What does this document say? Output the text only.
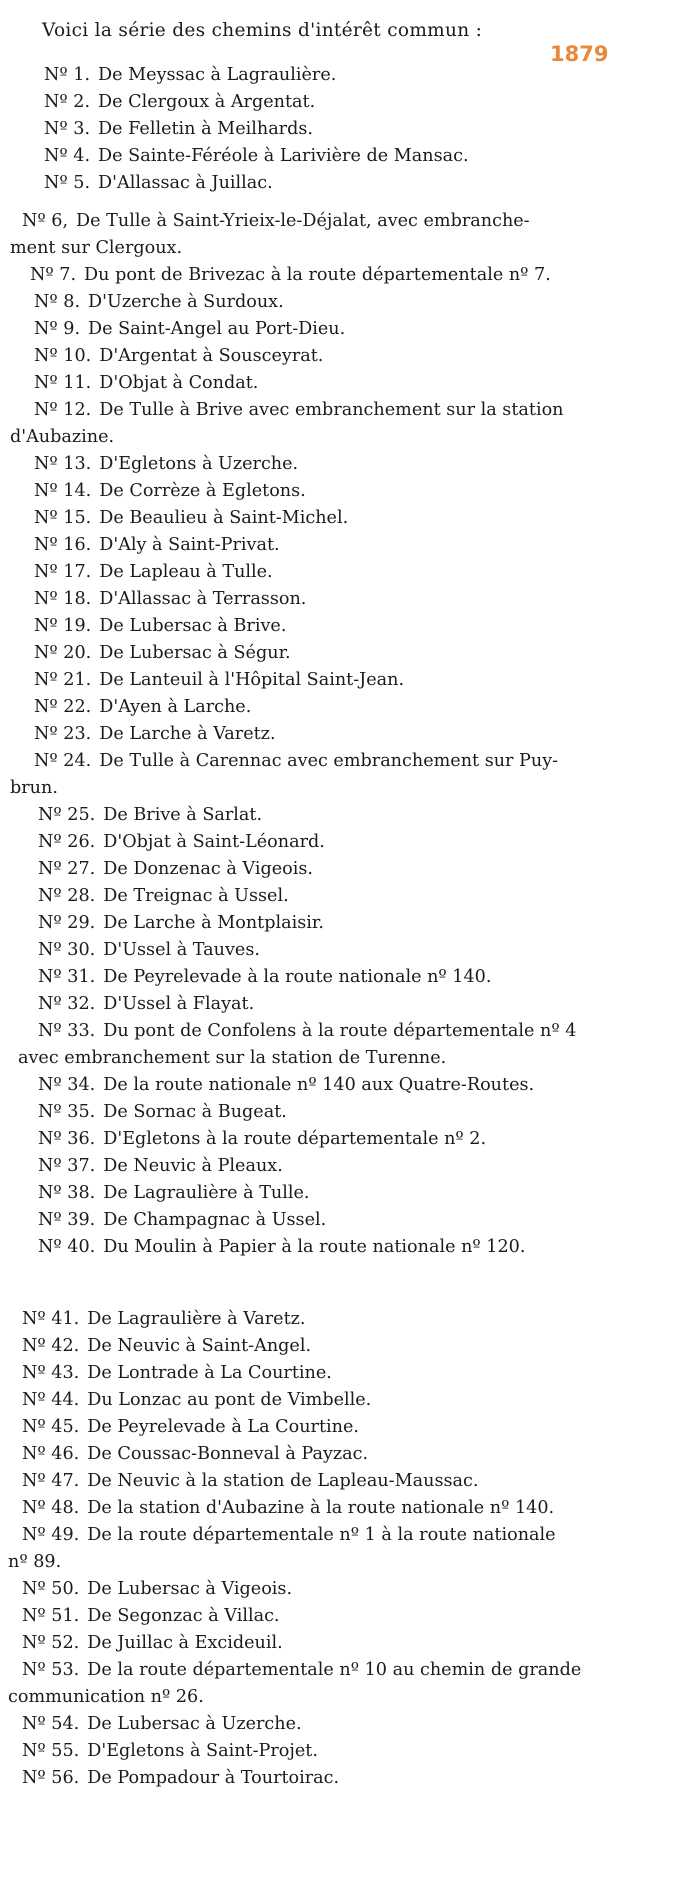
Voici la série des chemins d'intérêt commun :
1879
Nº 1. De Meyssac à Lagraulière.
Nº 2. De Clergoux à Argentat.
Nº 3. De Felletin à Meilhards.
Nº 4. De Sainte-Féréole à Larivière de Mansac.
Nº 5. D'Allassac à Juillac.
Nº 6, De Tulle à Saint-Yrieix-le-Déjalat, avec embranche-
ment sur Clergoux.
Nº 7. Du pont de Brivezac à la route départementale nº 7.
Nº 8. D'Uzerche à Surdoux.
Nº 9. De Saint-Angel au Port-Dieu.
Nº 10. D'Argentat à Sousceyrat.
Nº 11. D'Objat à Condat.
Nº 12. De Tulle à Brive avec embranchement sur la station
d'Aubazine.
Nº 13. D'Egletons à Uzerche.
Nº 14. De Corrèze à Egletons.
Nº 15. De Beaulieu à Saint-Michel.
Nº 16. D'Aly à Saint-Privat.
Nº 17. De Lapleau à Tulle.
Nº 18. D'Allassac à Terrasson.
Nº 19. De Lubersac à Brive.
Nº 20. De Lubersac à Ségur.
Nº 21. De Lanteuil à l'Hôpital Saint-Jean.
Nº 22. D'Ayen à Larche.
Nº 23. De Larche à Varetz.
Nº 24. De Tulle à Carennac avec embranchement sur Puy-
brun.
Nº 25. De Brive à Sarlat.
Nº 26. D'Objat à Saint-Léonard.
Nº 27. De Donzenac à Vigeois.
Nº 28. De Treignac à Ussel.
Nº 29. De Larche à Montplaisir.
Nº 30. D'Ussel à Tauves.
Nº 31. De Peyrelevade à la route nationale nº 140.
Nº 32. D'Ussel à Flayat.
Nº 33. Du pont de Confolens à la route départementale nº 4
avec embranchement sur la station de Turenne.
Nº 34. De la route nationale nº 140 aux Quatre-Routes.
Nº 35. De Sornac à Bugeat.
Nº 36. D'Egletons à la route départementale nº 2.
Nº 37. De Neuvic à Pleaux.
Nº 38. De Lagraulière à Tulle.
Nº 39. De Champagnac à Ussel.
Nº 40. Du Moulin à Papier à la route nationale nº 120.
Nº 41. De Lagraulière à Varetz.
Nº 42. De Neuvic à Saint-Angel.
Nº 43. De Lontrade à La Courtine.
Nº 44. Du Lonzac au pont de Vimbelle.
Nº 45. De Peyrelevade à La Courtine.
Nº 46. De Coussac-Bonneval à Payzac.
Nº 47. De Neuvic à la station de Lapleau-Maussac.
Nº 48. De la station d'Aubazine à la route nationale nº 140.
Nº 49. De la route départementale nº 1 à la route nationale
nº 89.
Nº 50. De Lubersac à Vigeois.
Nº 51. De Segonzac à Villac.
Nº 52. De Juillac à Excideuil.
Nº 53. De la route départementale nº 10 au chemin de grande
communication nº 26.
Nº 54. De Lubersac à Uzerche.
Nº 55. D'Egletons à Saint-Projet.
Nº 56. De Pompadour à Tourtoirac.
